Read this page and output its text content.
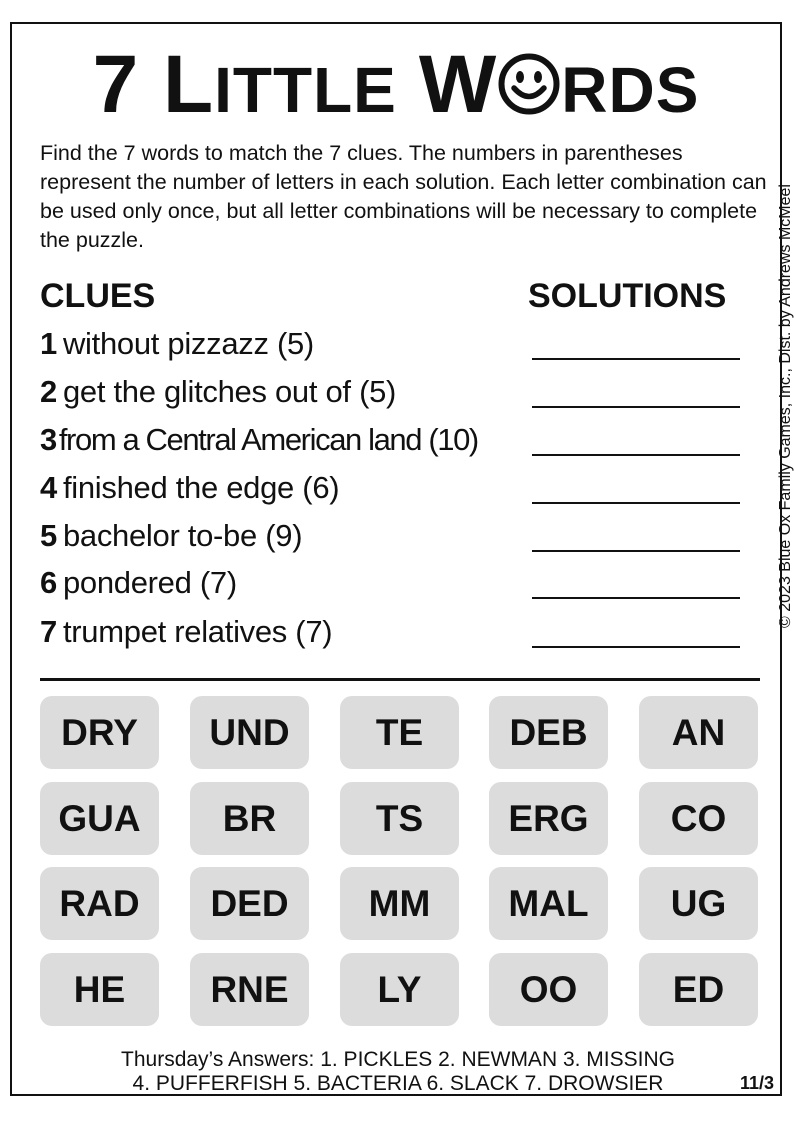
7 LITTLE W RDS
Find the 7 words to match the 7 clues. The numbers in parentheses represent the number of letters in each solution. Each letter combination can be used only once, but all letter combinations will be necessary to complete the puzzle.	© 2023 Blue Ox Family Games, Inc., Dist. by Andrews McMeel
CLUES	SOLUTIONS
1 without pizzazz (5)
2 get the glitches out of (5)
3from a Central American land (10)
4 finished the edge (6)
5 bachelor to-be (9)
6 pondered (7)
7 trumpet relatives (7)
DRY	UND	TE	DEB	AN
GUA	BR	TS	ERG	CO
RAD	DED	MM	MAL	UG
HE	RNE	LY	OO	ED
Thursday’s Answers: 1. PICKLES 2. NEWMAN 3. MISSING
4. PUFFERFISH 5. BACTERIA 6. SLACK 7. DROWSIER	11/3
